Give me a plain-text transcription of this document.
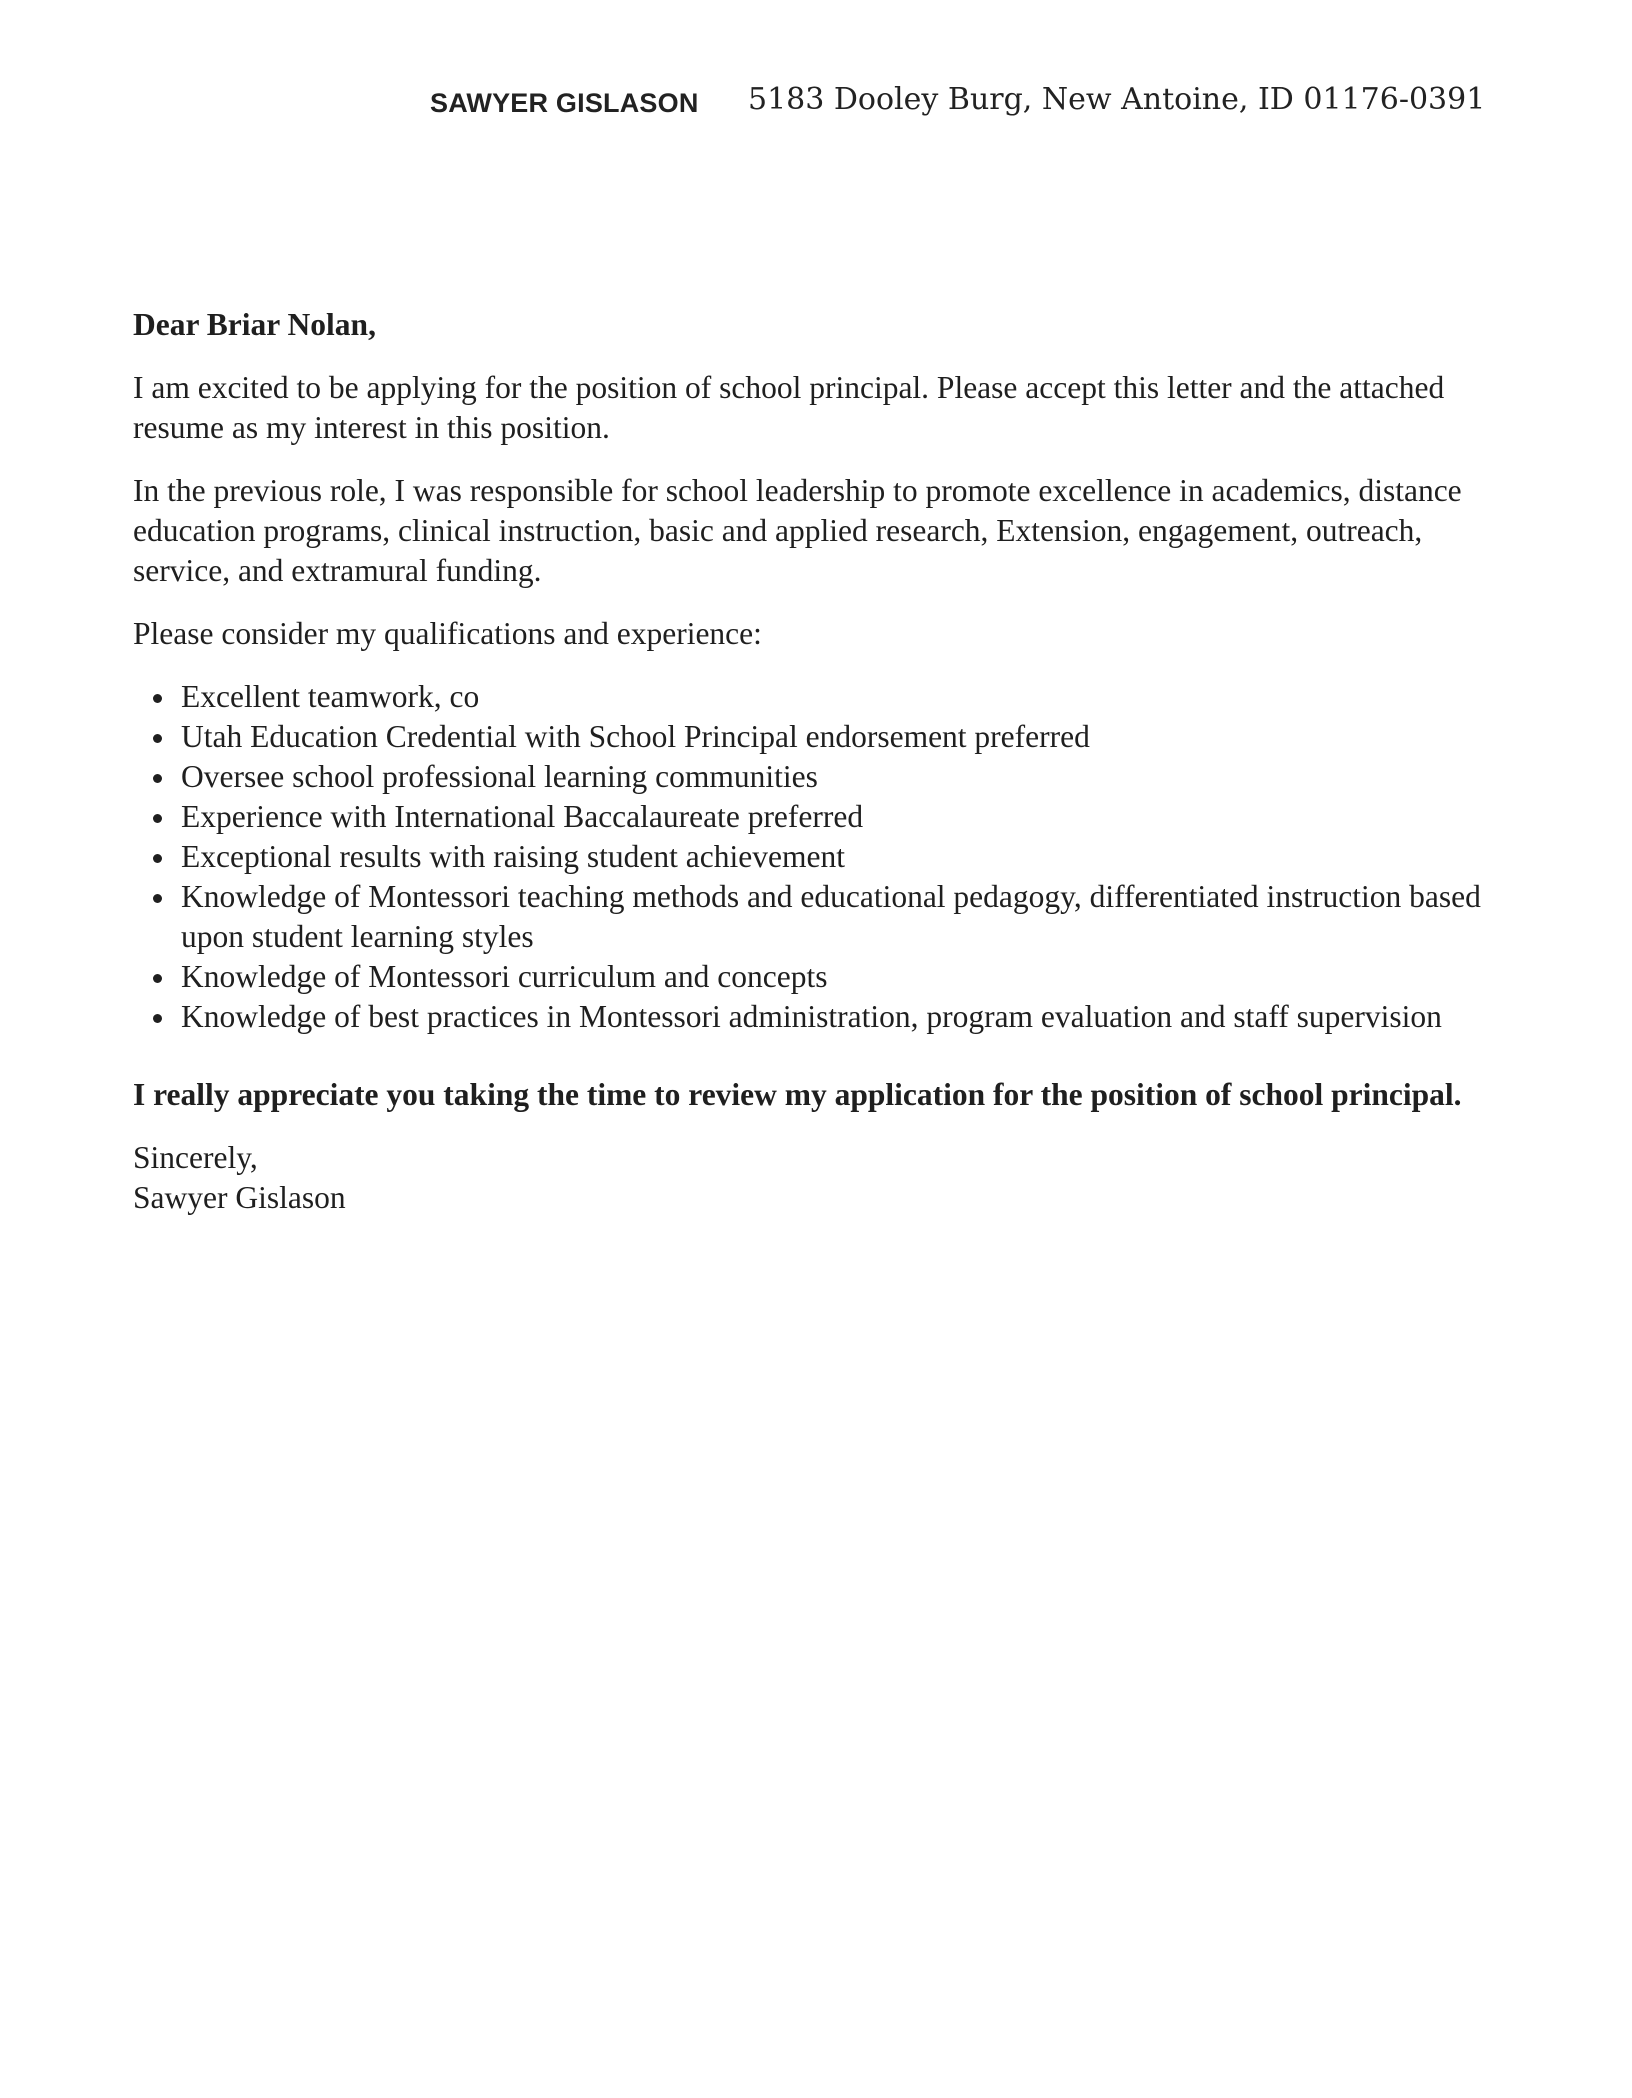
SAWYER GISLASON 5183 Dooley Burg, New Antoine, ID 01176-0391

Dear Briar Nolan,

I am excited to be applying for the position of school principal. Please accept this letter and the attached resume as my interest in this position.

In the previous role, I was responsible for school leadership to promote excellence in academics, distance education programs, clinical instruction, basic and applied research, Extension, engagement, outreach, service, and extramural funding.

Please consider my qualifications and experience:

Excellent teamwork, co
Utah Education Credential with School Principal endorsement preferred
Oversee school professional learning communities
Experience with International Baccalaureate preferred
Exceptional results with raising student achievement
Knowledge of Montessori teaching methods and educational pedagogy, differentiated instruction based upon student learning styles
Knowledge of Montessori curriculum and concepts
Knowledge of best practices in Montessori administration, program evaluation and staff supervision

I really appreciate you taking the time to review my application for the position of school principal.

Sincerely,
Sawyer Gislason
